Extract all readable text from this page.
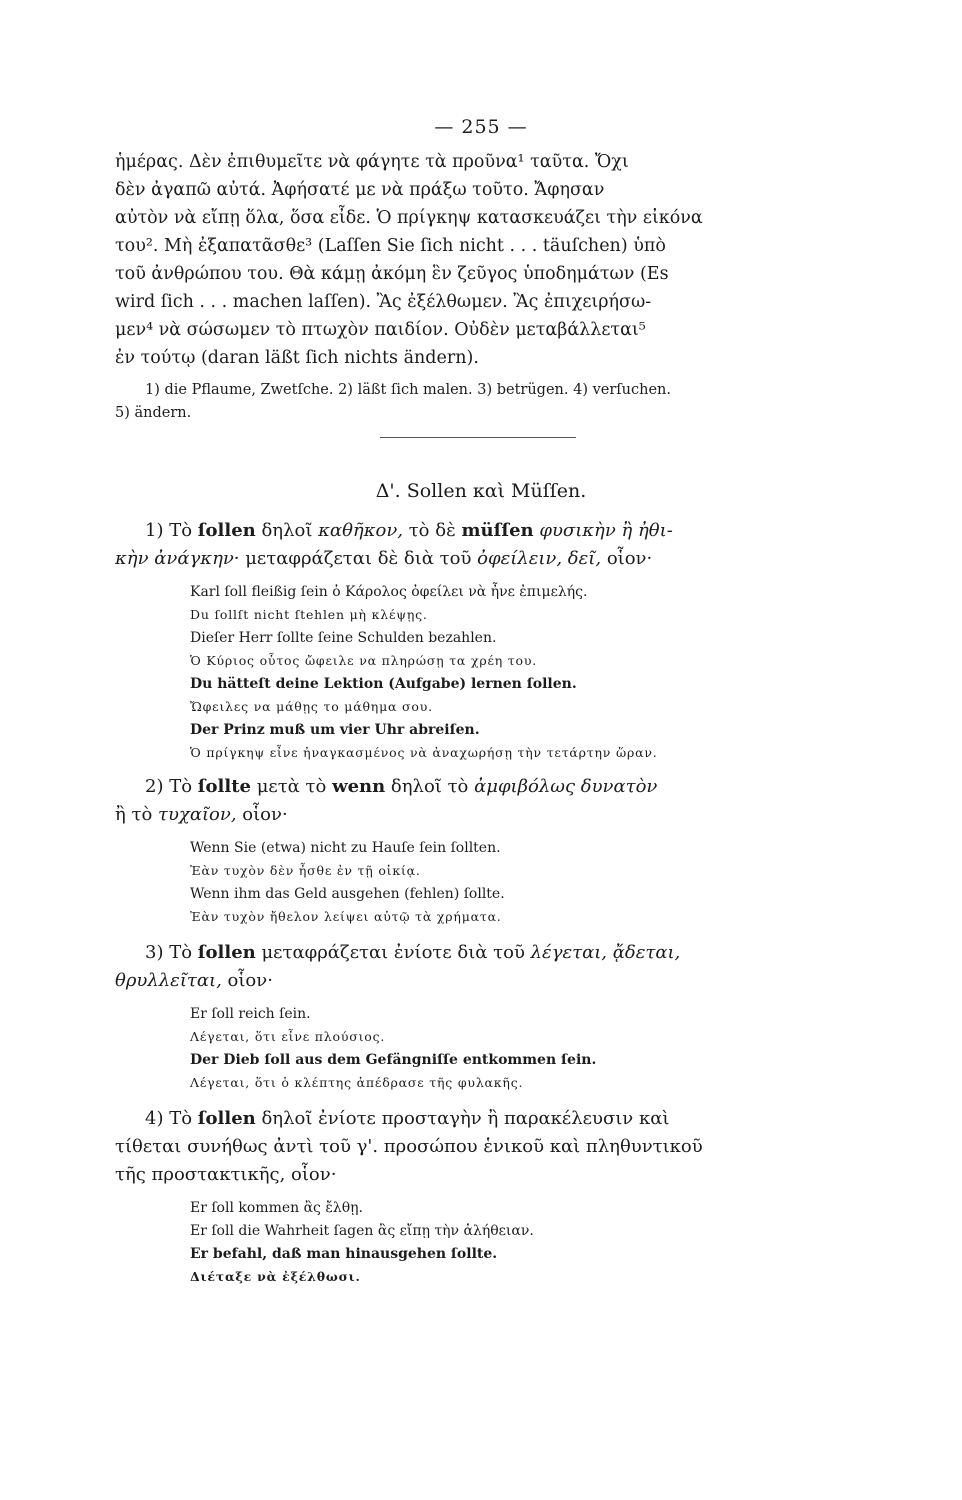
— 255 —
ἡμέρας. Δὲν ἐπιθυμεῖτε νὰ φάγητε τὰ προῦνα¹ ταῦτα. Ὄχι
δὲν ἀγαπῶ αὐτά. Ἀφήσατέ με νὰ πράξω τοῦτο. Ἄφησαν
αὐτὸν νὰ εἴπῃ ὅλα, ὅσα εἶδε. Ὁ πρίγκηψ κατασκευάζει τὴν εἰκόνα
του². Μὴ ἐξαπατᾶσθε³ (Laſſen Sie ſich nicht . . . täuſchen) ὑπὸ
τοῦ ἀνθρώπου του. Θὰ κάμῃ ἀκόμη ἓν ζεῦγος ὑποδημάτων (Es
wird ſich . . . machen laſſen). Ἂς ἐξέλθωμεν. Ἂς ἐπιχειρήσω-
μεν⁴ νὰ σώσωμεν τὸ πτωχὸν παιδίον. Οὐδὲν μεταβάλλεται⁵
ἐν τούτῳ (daran läßt ſich nichts ändern).
1) die Pflaume, Zwetſche. 2) läßt ſich malen. 3) betrügen. 4) verſuchen.
5) ändern.
Δ'. Sollen καὶ Müſſen.
1) Τὸ ſollen δηλοῖ καθῆκον, τὸ δὲ müſſen φυσικὴν ἢ ἠθι-
κὴν ἀνάγκην· μεταφράζεται δὲ διὰ τοῦ ὀφείλειν, δεῖ, οἷον·
Karl ſoll fleißig ſein ὁ Κάρολος ὀφείλει νὰ ἦνε ἐπιμελής.
Du ſollſt nicht ſtehlen μὴ κλέψῃς.
Dieſer Herr ſollte ſeine Schulden bezahlen.
Ὁ Κύριος οὗτος ὤφειλε να πληρώσῃ τα χρέη του.
Du hätteſt deine Lektion (Aufgabe) lernen ſollen.
Ὤφειλες να μάθῃς το μάθημα σου.
Der Prinz muß um vier Uhr abreiſen.
Ὁ πρίγκηψ εἶνε ἠναγκασμένος νὰ ἀναχωρήσῃ τὴν τετάρτην ὥραν.
2) Τὸ ſollte μετὰ τὸ wenn δηλοῖ τὸ ἀμφιβόλως δυνατὸν
ἢ τὸ τυχαῖον, οἷον·
Wenn Sie (etwa) nicht zu Hauſe ſein ſollten.
Ἐὰν τυχὸν δὲν ἦσθε ἐν τῇ οἰκίᾳ.
Wenn ihm das Geld ausgehen (fehlen) ſollte.
Ἐὰν τυχὸν ἤθελον λείψει αὐτῷ τὰ χρήματα.
3) Τὸ ſollen μεταφράζεται ἐνίοτε διὰ τοῦ λέγεται, ᾄδεται,
θρυλλεῖται, οἷον·
Er ſoll reich ſein.
Λέγεται, ὅτι εἶνε πλούσιος.
Der Dieb ſoll aus dem Gefängniſſe entkommen ſein.
Λέγεται, ὅτι ὁ κλέπτης ἀπέδρασε τῆς φυλακῆς.
4) Τὸ ſollen δηλοῖ ἐνίοτε προσταγὴν ἢ παρακέλευσιν καὶ
τίθεται συνήθως ἀντὶ τοῦ γ'. προσώπου ἑνικοῦ καὶ πληθυντικοῦ
τῆς προστακτικῆς, οἷον·
Er ſoll kommen ἂς ἔλθῃ.
Er ſoll die Wahrheit ſagen ἂς εἴπῃ τὴν ἀλήθειαν.
Er befahl, daß man hinausgehen ſollte.
Διέταξε νὰ ἐξέλθωσι.
